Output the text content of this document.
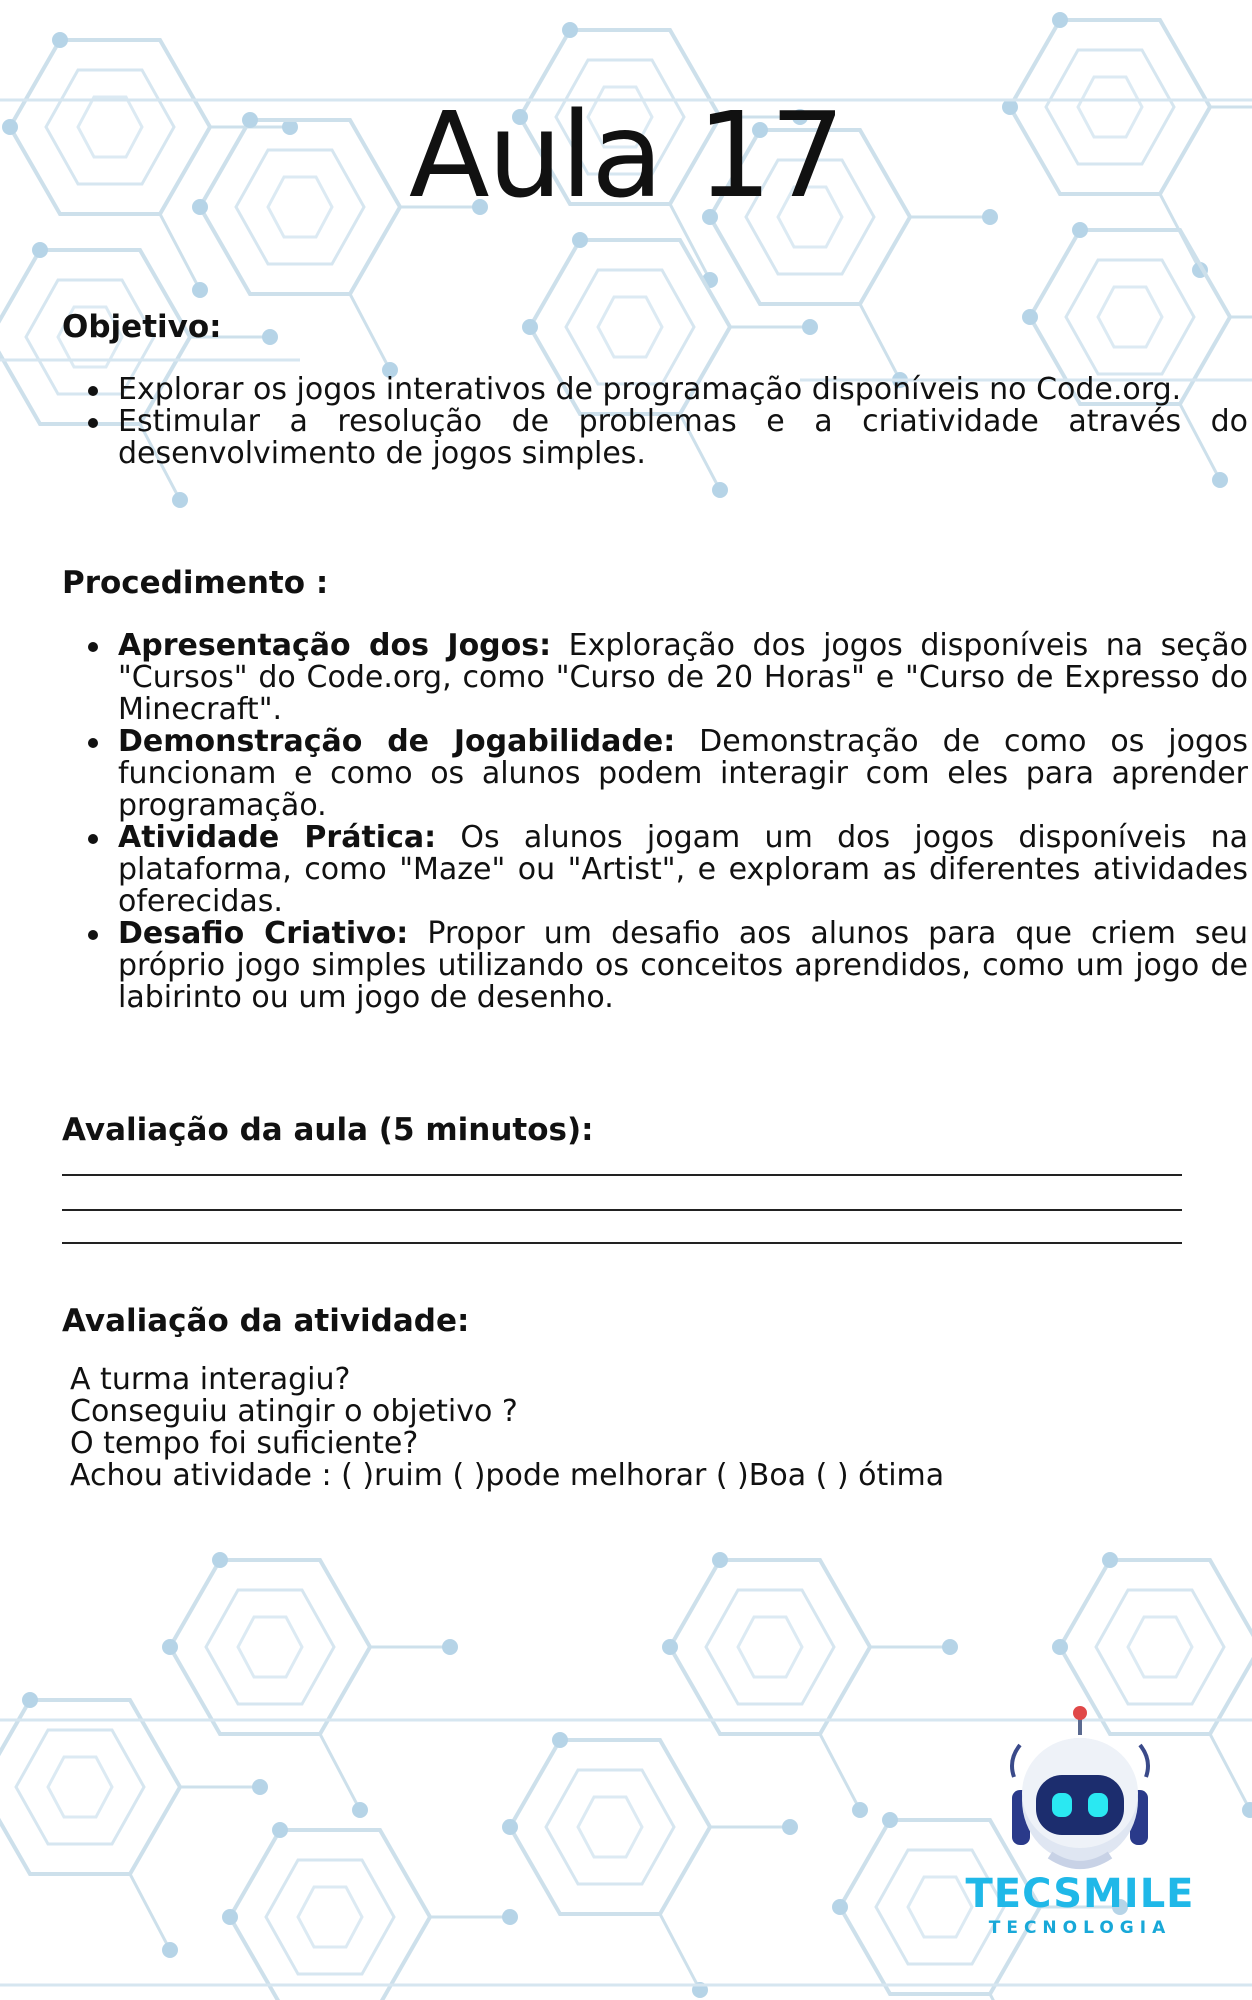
Aula 17
Objetivo:
Explorar os jogos interativos de programação disponíveis no Code.org.
Estimular a resolução de problemas e a criatividade através do desenvolvimento de jogos simples.
Procedimento :
Apresentação dos Jogos: Exploração dos jogos disponíveis na seção "Cursos" do Code.org, como "Curso de 20 Horas" e "Curso de Expresso do Minecraft".
Demonstração de Jogabilidade: Demonstração de como os jogos funcionam e como os alunos podem interagir com eles para aprender programação.
Atividade Prática: Os alunos jogam um dos jogos disponíveis na plataforma, como "Maze" ou "Artist", e exploram as diferentes atividades oferecidas.
Desafio Criativo: Propor um desafio aos alunos para que criem seu próprio jogo simples utilizando os conceitos aprendidos, como um jogo de labirinto ou um jogo de desenho.
Avaliação da aula (5 minutos):
Avaliação da atividade:
A turma interagiu?
Conseguiu atingir o objetivo ?
O tempo foi suficiente?
Achou atividade : ( )ruim ( )pode melhorar ( )Boa ( ) ótima
TECSMILE
TECNOLOGIA
